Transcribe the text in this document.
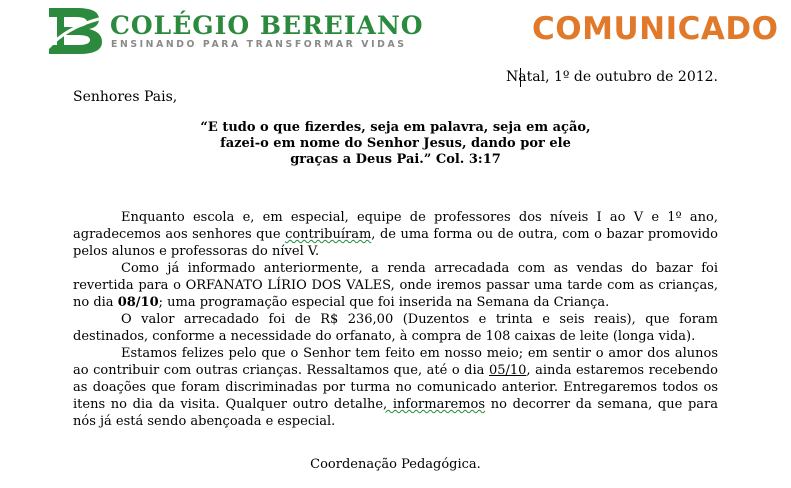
COLÉGIO BEREIANO
ENSINANDO PARA TRANSFORMAR VIDAS	COMUNICADO
Natal, 1º de outubro de 2012.
Senhores Pais,
“E tudo o que fizerdes, seja em palavra, seja em ação,
fazei-o em nome do Senhor Jesus, dando por ele
graças a Deus Pai.” Col. 3:17

Enquanto escola e, em especial, equipe de professores dos níveis I ao V e 1º ano, agradecemos aos senhores que contribuíram, de uma forma ou de outra, com o bazar promovido pelos alunos e professoras do nível V.

Como já informado anteriormente, a renda arrecadada com as vendas do bazar foi revertida para o ORFANATO LÍRIO DOS VALES, onde iremos passar uma tarde com as crianças, no dia 08/10; uma programação especial que foi inserida na Semana da Criança.

O valor arrecadado foi de R$ 236,00 (Duzentos e trinta e seis reais), que foram destinados, conforme a necessidade do orfanato, à compra de 108 caixas de leite (longa vida).

Estamos felizes pelo que o Senhor tem feito em nosso meio; em sentir o amor dos alunos ao contribuir com outras crianças. Ressaltamos que, até o dia 05/10, ainda estaremos recebendo as doações que foram discriminadas por turma no comunicado anterior. Entregaremos todos os itens no dia da visita. Qualquer outro detalhe, informaremos no decorrer da semana, que para nós já está sendo abençoada e especial.

Coordenação Pedagógica.
